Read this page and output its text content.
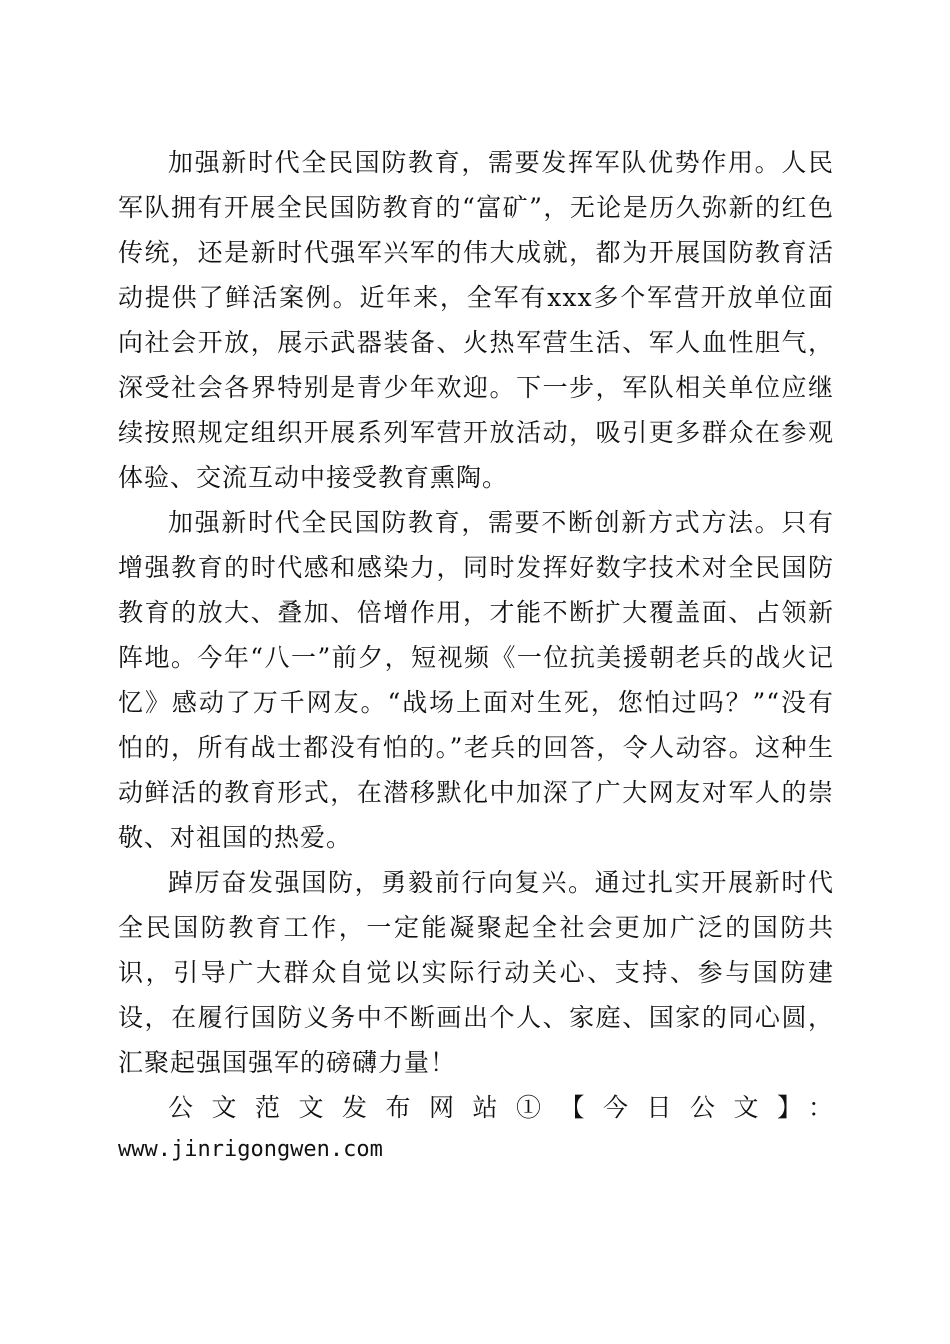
加强新时代全民国防教育，需要发挥军队优势作用。人民军队拥有开展全民国防教育的“富矿”，无论是历久弥新的红色传统，还是新时代强军兴军的伟大成就，都为开展国防教育活动提供了鲜活案例。近年来，全军有xxx多个军营开放单位面向社会开放，展示武器装备、火热军营生活、军人血性胆气，深受社会各界特别是青少年欢迎。下一步，军队相关单位应继续按照规定组织开展系列军营开放活动，吸引更多群众在参观体验、交流互动中接受教育熏陶。

加强新时代全民国防教育，需要不断创新方式方法。只有增强教育的时代感和感染力，同时发挥好数字技术对全民国防教育的放大、叠加、倍增作用，才能不断扩大覆盖面、占领新阵地。今年“八一”前夕，短视频《一位抗美援朝老兵的战火记忆》感动了万千网友。“战场上面对生死，您怕过吗？”“没有怕的，所有战士都没有怕的。”老兵的回答，令人动容。这种生动鲜活的教育形式，在潜移默化中加深了广大网友对军人的崇敬、对祖国的热爱。

踔厉奋发强国防，勇毅前行向复兴。通过扎实开展新时代全民国防教育工作，一定能凝聚起全社会更加广泛的国防共识，引导广大群众自觉以实际行动关心、支持、参与国防建设，在履行国防义务中不断画出个人、家庭、国家的同心圆，汇聚起强国强军的磅礴力量！

公文范文发布网站①【今日公文】：

www.jinrigongwen.com
